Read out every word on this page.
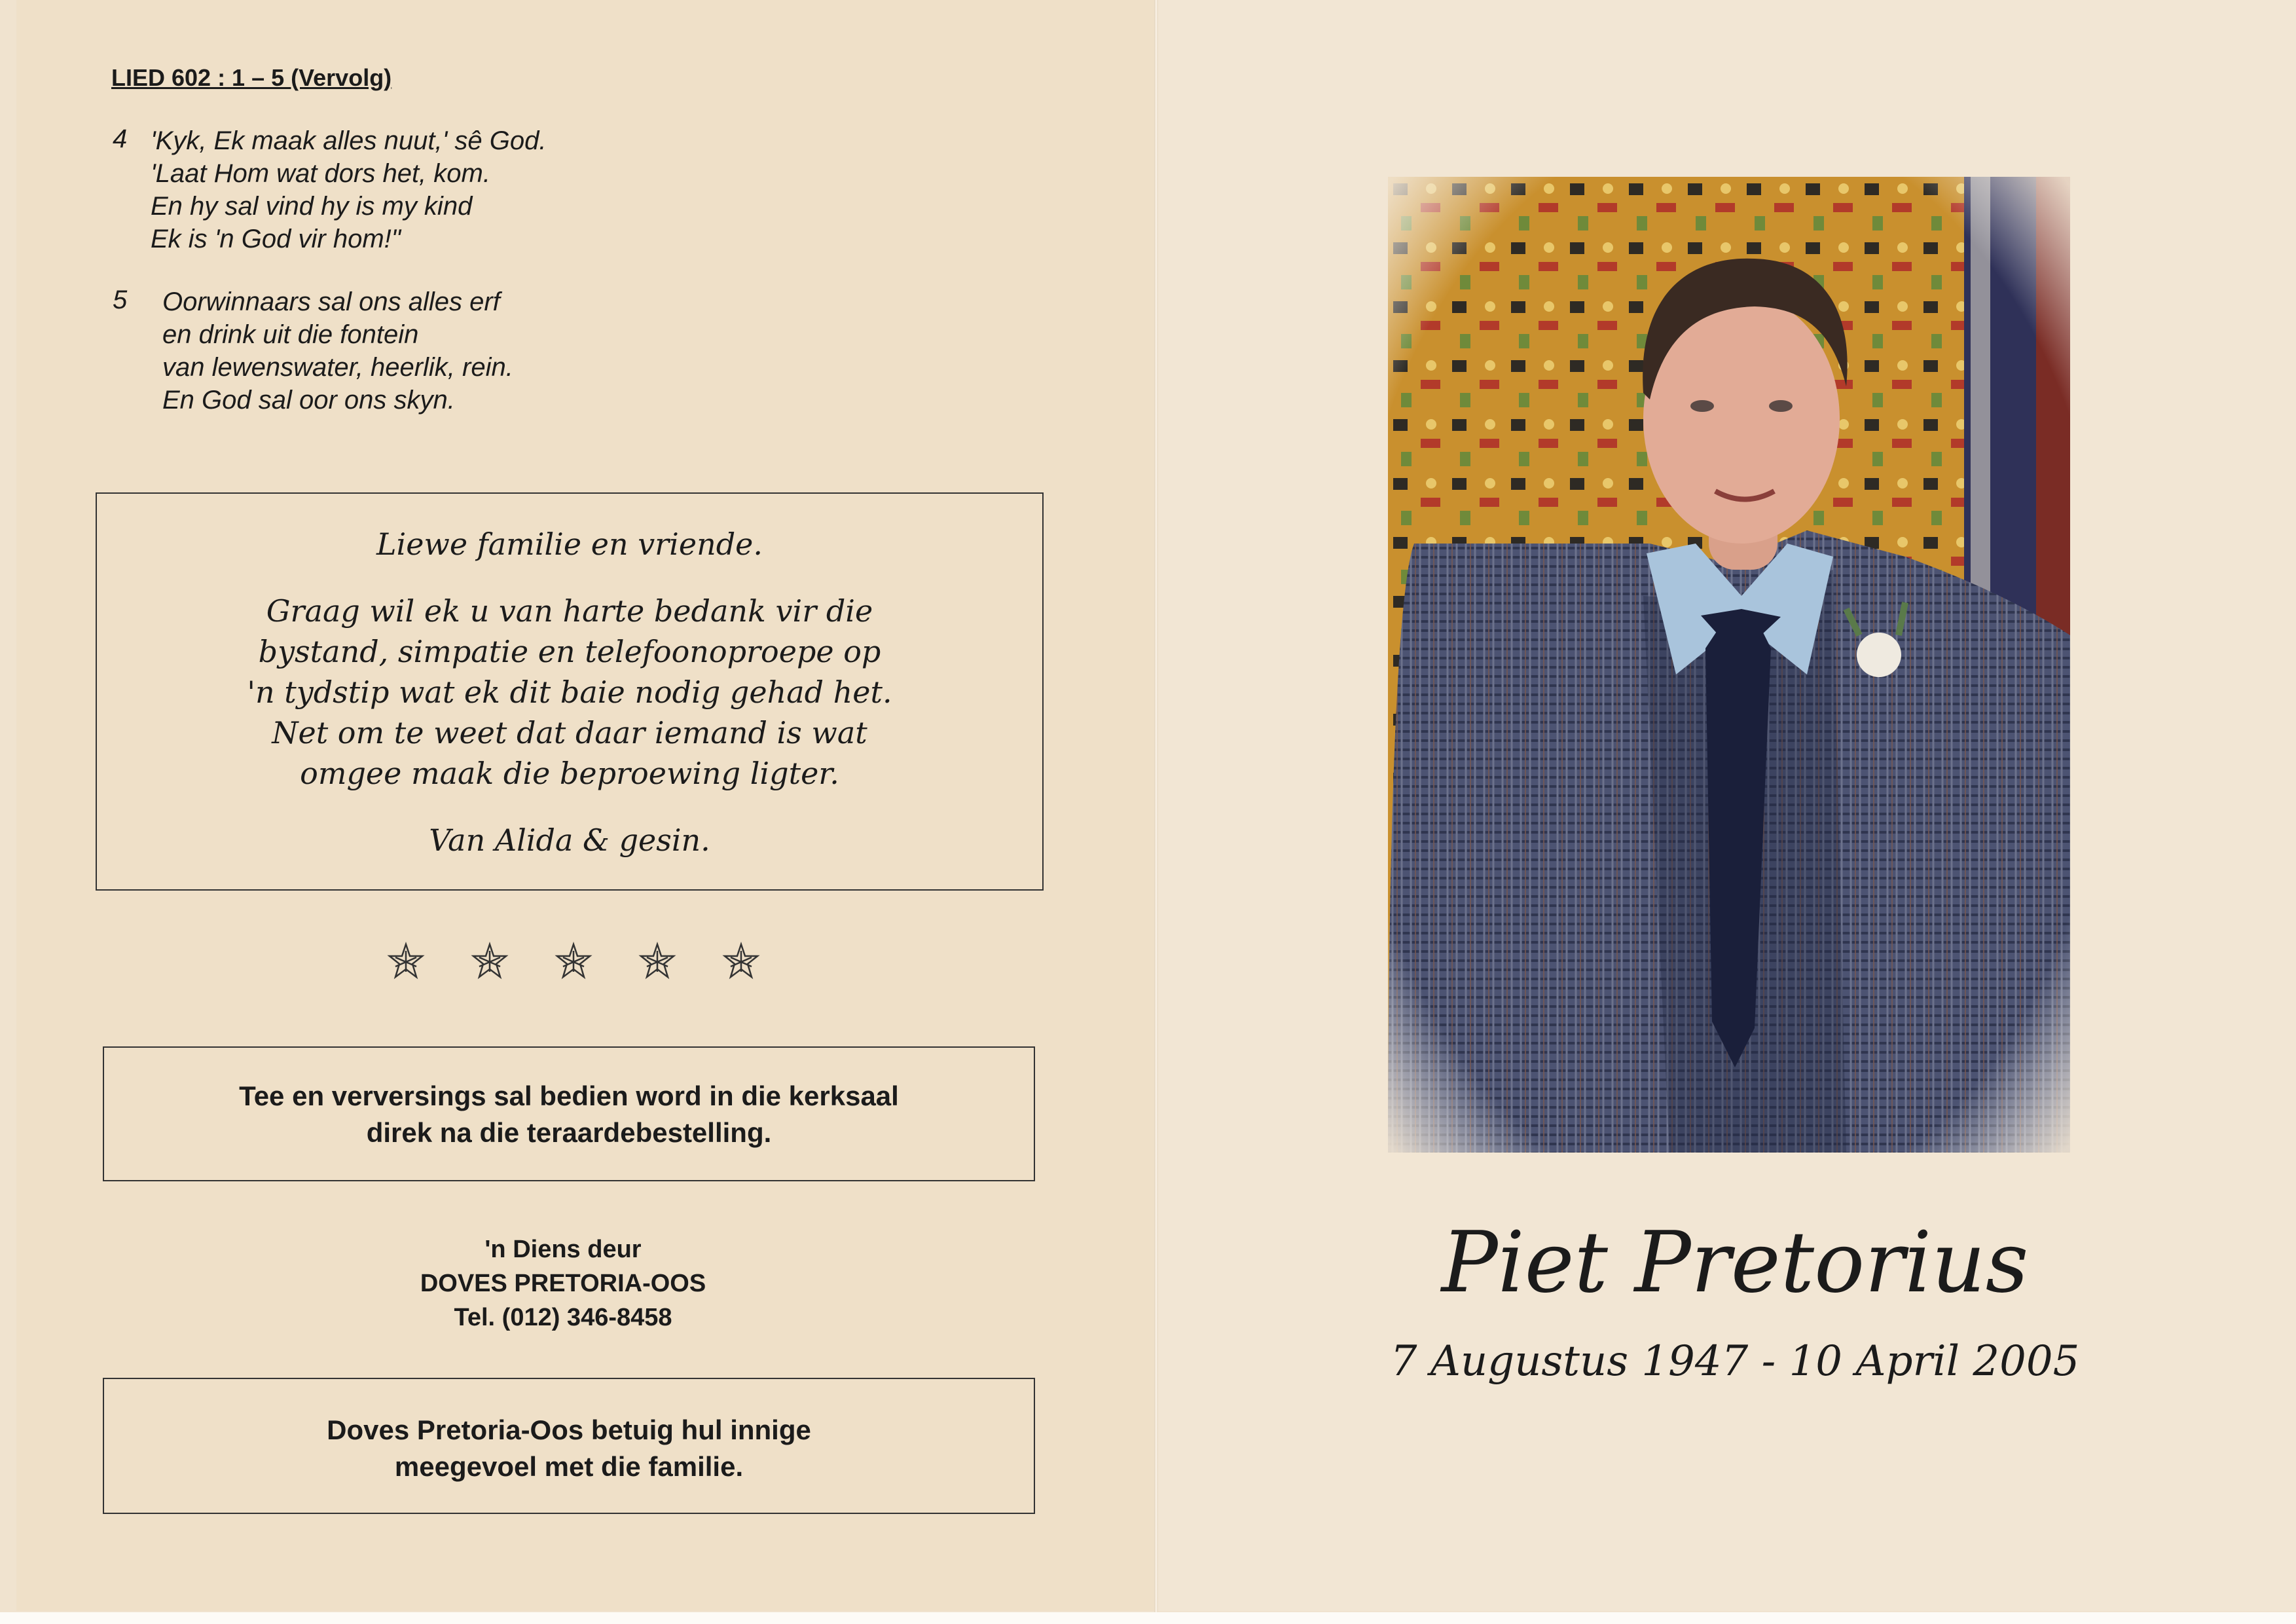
LIED 602 : 1 – 5 (Vervolg)
4 'Kyk, Ek maak alles nuut,' sê God.
'Laat Hom wat dors het, kom.
En hy sal vind hy is my kind
Ek is 'n God vir hom!"
5 Oorwinnaars sal ons alles erf
en drink uit die fontein
van lewenswater, heerlik, rein.
En God sal oor ons skyn.
Liewe familie en vriende.
Graag wil ek u van harte bedank vir die
bystand, simpatie en telefoonoproepe op
'n tydstip wat ek dit baie nodig gehad het.
Net om te weet dat daar iemand is wat
omgee maak die beproewing ligter.
Van Alida & gesin.
Tee en verversings sal bedien word in die kerksaal
direk na die teraardebestelling.
'n Diens deur
DOVES PRETORIA-OOS
Tel. (012) 346-8458
Doves Pretoria-Oos betuig hul innige
meegevoel met die familie.
Piet Pretorius
7 Augustus 1947 - 10 April 2005
